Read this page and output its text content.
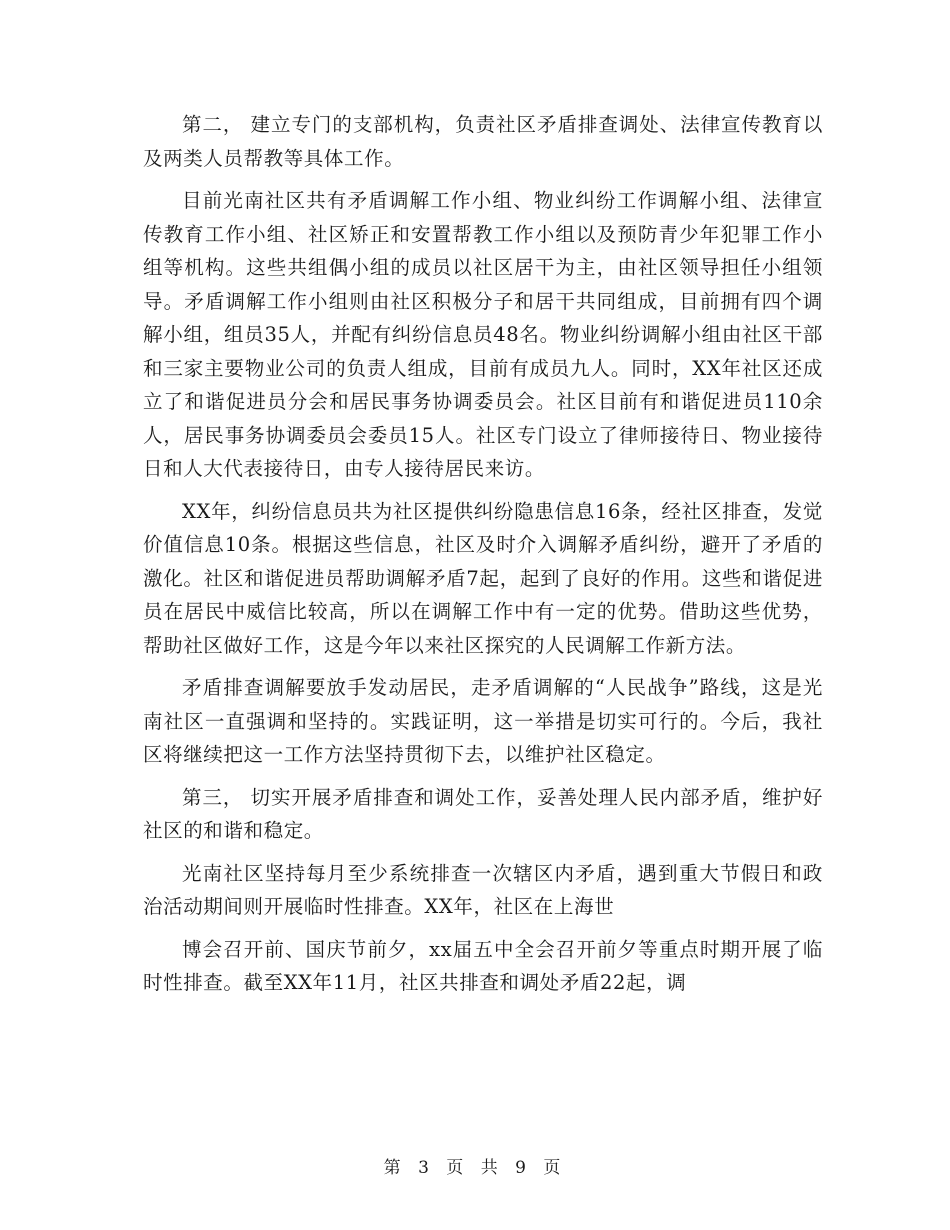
第二， 建立专门的支部机构，负责社区矛盾排查调处、法律宣传教育以及两类人员帮教等具体工作。

目前光南社区共有矛盾调解工作小组、物业纠纷工作调解小组、法律宣传教育工作小组、社区矫正和安置帮教工作小组以及预防青少年犯罪工作小组等机构。这些共组偶小组的成员以社区居干为主，由社区领导担任小组领导。矛盾调解工作小组则由社区积极分子和居干共同组成，目前拥有四个调解小组，组员35人，并配有纠纷信息员48名。物业纠纷调解小组由社区干部和三家主要物业公司的负责人组成，目前有成员九人。同时，XX年社区还成立了和谐促进员分会和居民事务协调委员会。社区目前有和谐促进员110余人，居民事务协调委员会委员15人。社区专门设立了律师接待日、物业接待日和人大代表接待日，由专人接待居民来访。

XX年，纠纷信息员共为社区提供纠纷隐患信息16条，经社区排查，发觉价值信息10条。根据这些信息，社区及时介入调解矛盾纠纷，避开了矛盾的激化。社区和谐促进员帮助调解矛盾7起，起到了良好的作用。这些和谐促进员在居民中威信比较高，所以在调解工作中有一定的优势。借助这些优势，帮助社区做好工作，这是今年以来社区探究的人民调解工作新方法。

矛盾排查调解要放手发动居民，走矛盾调解的“人民战争”路线，这是光南社区一直强调和坚持的。实践证明，这一举措是切实可行的。今后，我社区将继续把这一工作方法坚持贯彻下去，以维护社区稳定。

第三， 切实开展矛盾排查和调处工作，妥善处理人民内部矛盾，维护好社区的和谐和稳定。

光南社区坚持每月至少系统排查一次辖区内矛盾，遇到重大节假日和政治活动期间则开展临时性排查。XX年，社区在上海世

博会召开前、国庆节前夕，xx届五中全会召开前夕等重点时期开展了临时性排查。截至XX年11月，社区共排查和调处矛盾22起，调

第 3 页 共 9 页
